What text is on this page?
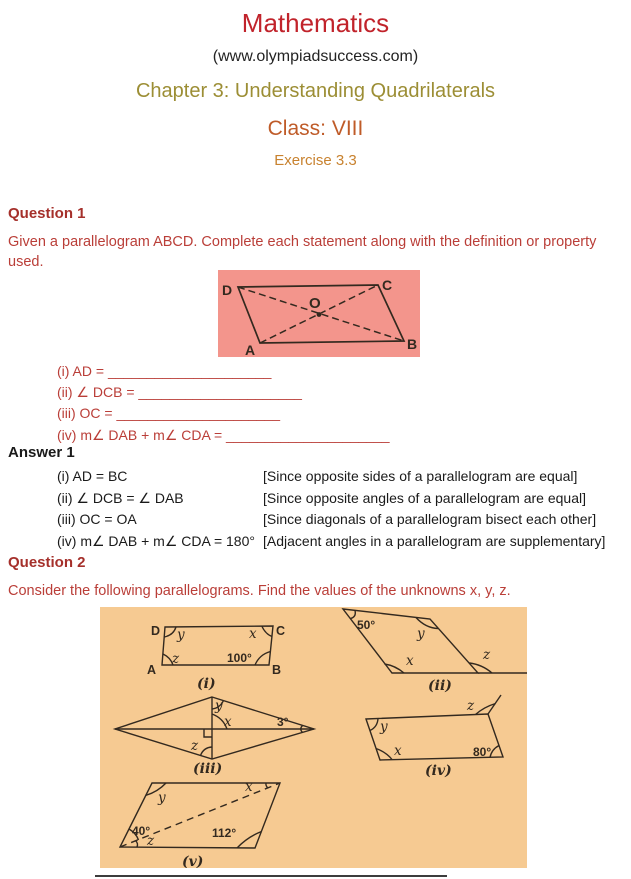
Mathematics
(www.olympiadsuccess.com)
Chapter 3: Understanding Quadrilaterals
Class: VIII
Exercise 3.3
Question 1
Given a parallelogram ABCD. Complete each statement along with the definition or property used.
D	C
A	B
O
(i) AD = _____________________
(ii) ∠ DCB = _____________________
(iii) OC = _____________________
(iv) m∠ DAB + m∠ CDA = _____________________
Answer 1
(i) AD = BC	[Since opposite sides of a parallelogram are equal]
(ii) ∠ DCB = ∠ DAB	[Since opposite angles of a parallelogram are equal]
(iii) OC = OA	[Since diagonals of a parallelogram bisect each other]
(iv) m∠ DAB + m∠ CDA = 180° [Adjacent angles in a parallelogram are supplementary]
Question 2
Consider the following parallelograms. Find the values of the unknowns x, y, z.
D	C
A	B
y	x
z	100°
(i)
50°
y
x	z
(ii)
y
x
z
3°
(iii)
y
z
x	80°
(iv)
y
x
40°
z	112°
(v)
